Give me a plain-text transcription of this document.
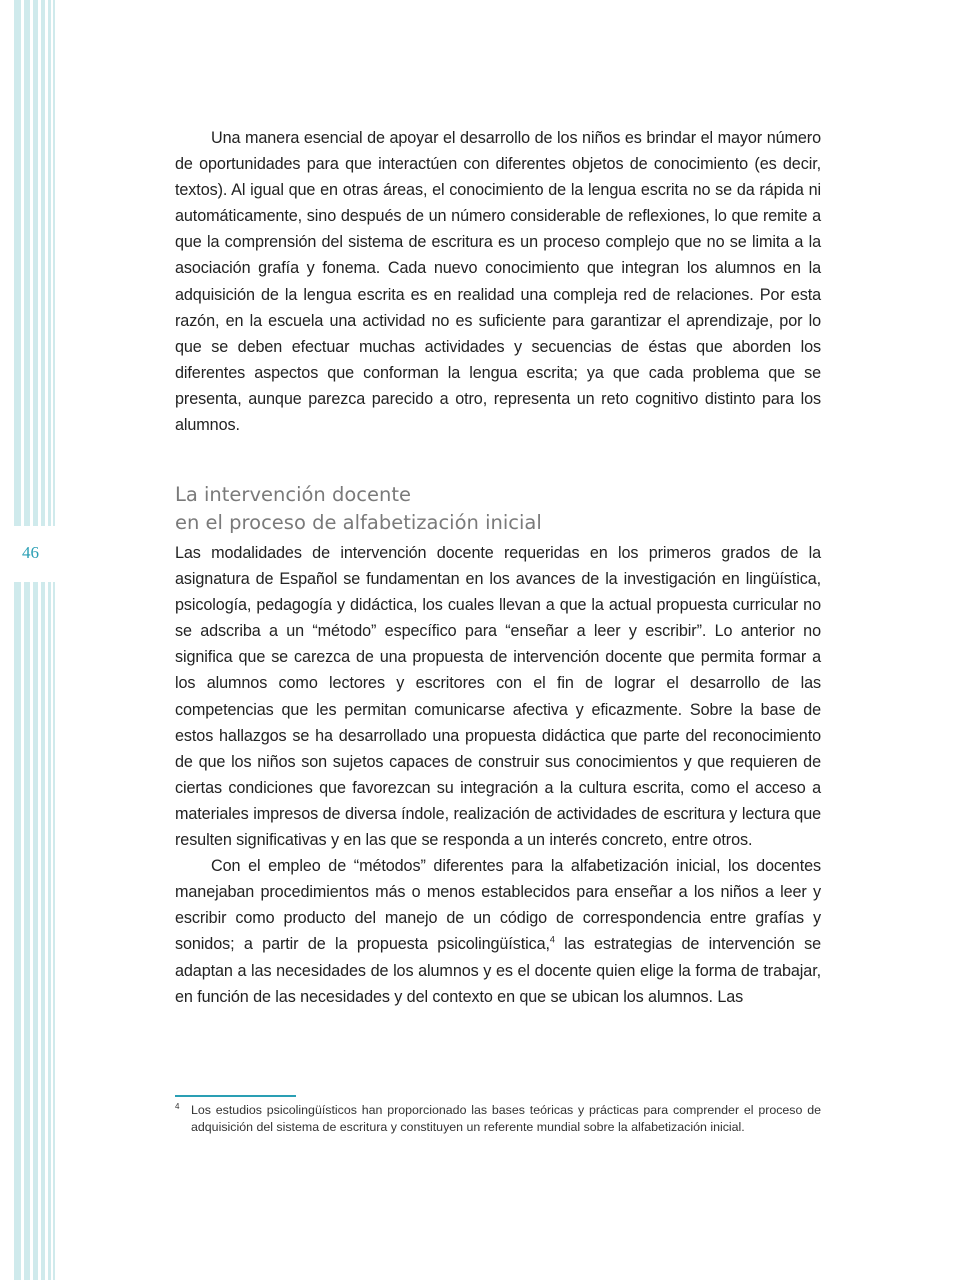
46

Una manera esencial de apoyar el desarrollo de los niños es brindar el mayor número de oportunidades para que interactúen con diferentes objetos de conocimiento (es decir, textos). Al igual que en otras áreas, el conocimiento de la lengua escrita no se da rápida ni automáticamente, sino después de un número considerable de reflexiones, lo que remite a que la comprensión del sistema de escritura es un proceso complejo que no se limita a la asociación grafía y fonema. Cada nuevo conocimiento que integran los alumnos en la adquisición de la lengua escrita es en realidad una compleja red de relaciones. Por esta razón, en la escuela una actividad no es suficiente para garantizar el aprendizaje, por lo que se deben efectuar muchas actividades y secuencias de éstas que aborden los diferentes aspectos que conforman la lengua escrita; ya que cada problema que se presenta, aunque parezca parecido a otro, representa un reto cognitivo distinto para los alumnos.

La intervención docente
en el proceso de alfabetización inicial

Las modalidades de intervención docente requeridas en los primeros grados de la asignatura de Español se fundamentan en los avances de la investigación en lingüística, psicología, pedagogía y didáctica, los cuales llevan a que la actual propuesta curricular no se adscriba a un “método” específico para “enseñar a leer y escribir”. Lo anterior no significa que se carezca de una propuesta de intervención docente que permita formar a los alumnos como lectores y escritores con el fin de lograr el desarrollo de las competencias que les permitan comunicarse afectiva y eficazmente. Sobre la base de estos hallazgos se ha desarrollado una propuesta didáctica que parte del reconocimiento de que los niños son sujetos capaces de construir sus conocimientos y que requieren de ciertas condiciones que favorezcan su integración a la cultura escrita, como el acceso a materiales impresos de diversa índole, realización de actividades de escritura y lectura que resulten significativas y en las que se responda a un interés concreto, entre otros.

Con el empleo de “métodos” diferentes para la alfabetización inicial, los docentes manejaban procedimientos más o menos establecidos para enseñar a los niños a leer y escribir como producto del manejo de un código de correspondencia entre grafías y sonidos; a partir de la propuesta psicolingüística,$^4$ las estrategias de intervención se adaptan a las necesidades de los alumnos y es el docente quien elige la forma de trabajar, en función de las necesidades y del contexto en que se ubican los alumnos. Las

4 Los estudios psicolingüísticos han proporcionado las bases teóricas y prácticas para comprender el proceso de adquisición del sistema de escritura y constituyen un referente mundial sobre la alfabetización inicial.
